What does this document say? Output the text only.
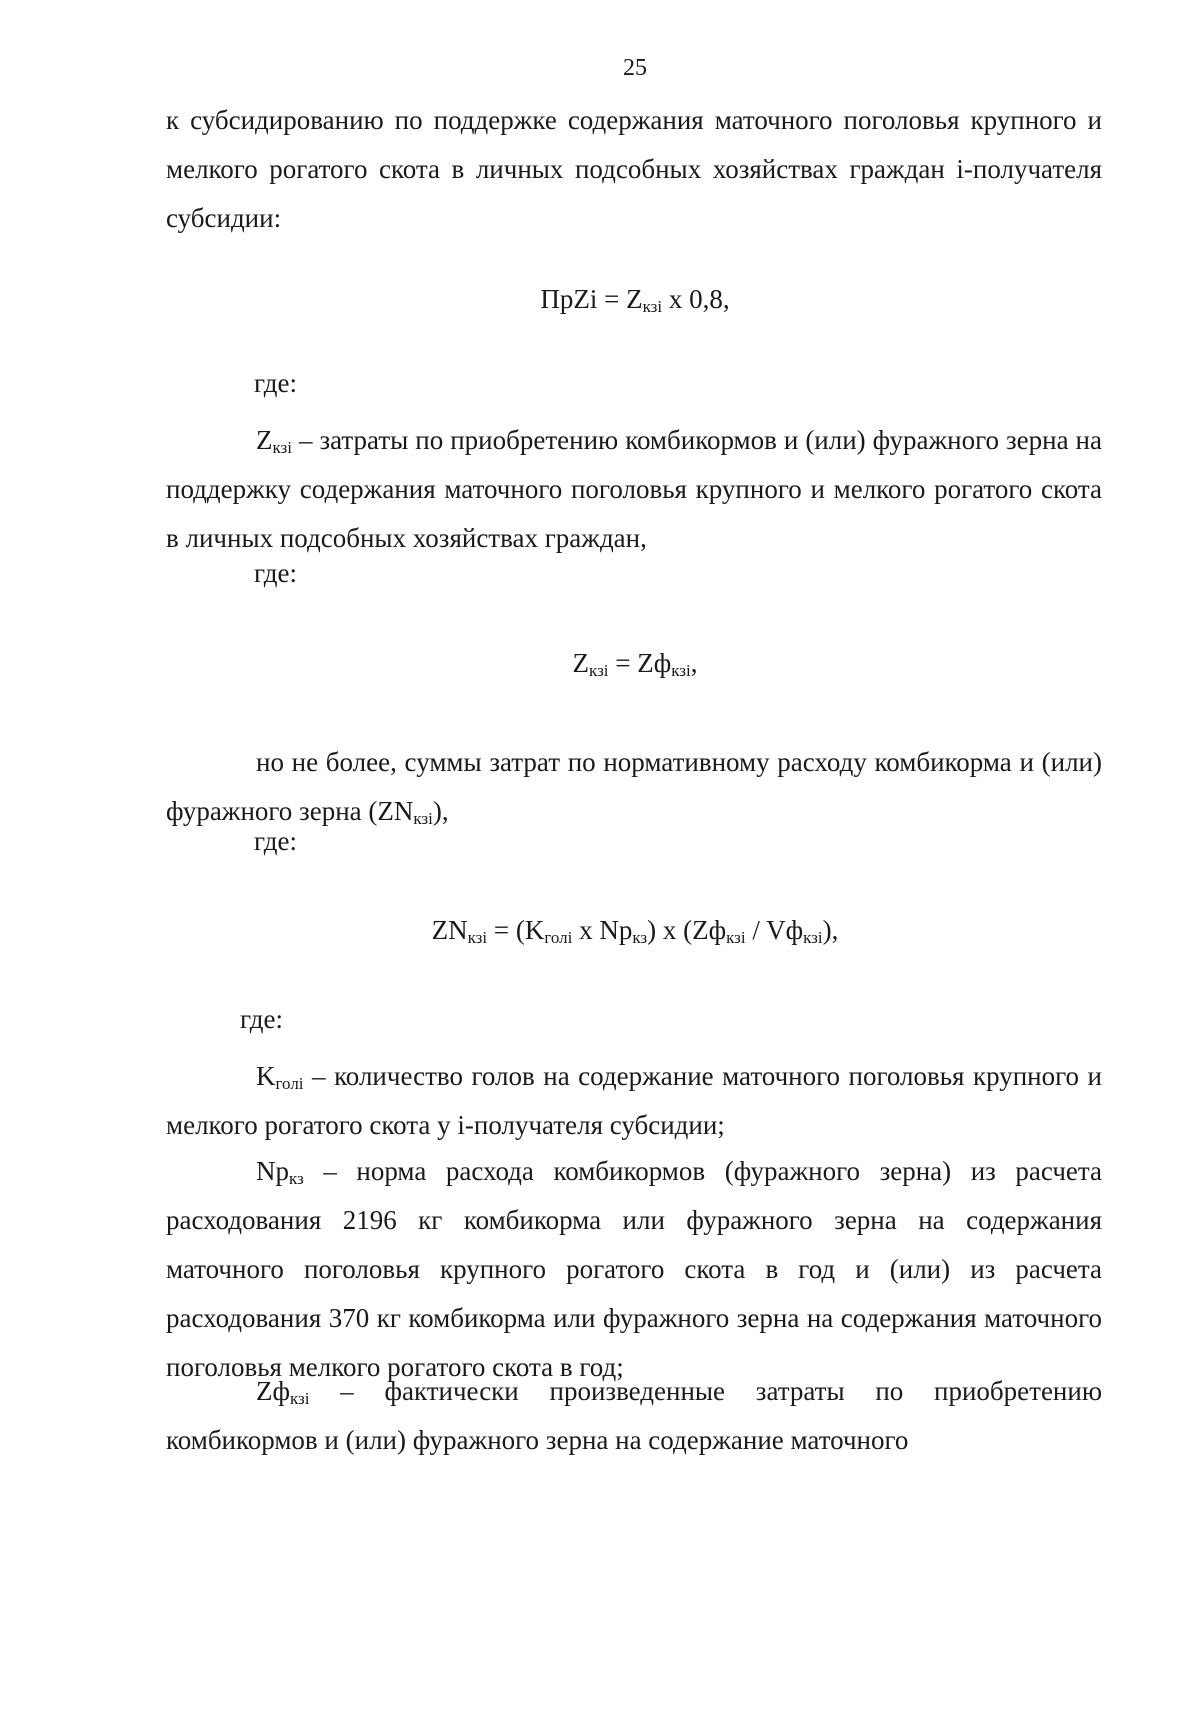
25

к субсидированию по поддержке содержания маточного поголовья крупного и мелкого рогатого скота в личных подсобных хозяйствах граждан i-получателя субсидии:

ПрZi = $Z_{кзi}$ x 0,8,
где:

$Z_{кзi}$ – затраты по приобретению комбикормов и (или) фуражного зерна на поддержку содержания маточного поголовья крупного и мелкого рогатого скота в личных подсобных хозяйствах граждан,

где:
$Z_{кзi} = Zф_{кзi}$,

но не более, суммы затрат по нормативному расходу комбикорма и (или) фуражного зерна $(ZN_{кзi})$,

где:
$ZN_{кзi} = (K_{голi}$ x $Np_{кз}$) x $(Zф_{кзi} / Vф_{кзi})$,
где:

$K_{голi}$ – количество голов на содержание маточного поголовья крупного и мелкого рогатого скота у i-получателя субсидии;

$Np_{кз}$ – норма расхода комбикормов (фуражного зерна) из расчета расходования 2196 кг комбикорма или фуражного зерна на содержания маточного поголовья крупного рогатого скота в год и (или) из расчета расходования 370 кг комбикорма или фуражного зерна на содержания маточного поголовья мелкого рогатого скота в год;

$Zф_{кзi}$ – фактически произведенные затраты по приобретению комбикормов и (или) фуражного зерна на содержание маточного
